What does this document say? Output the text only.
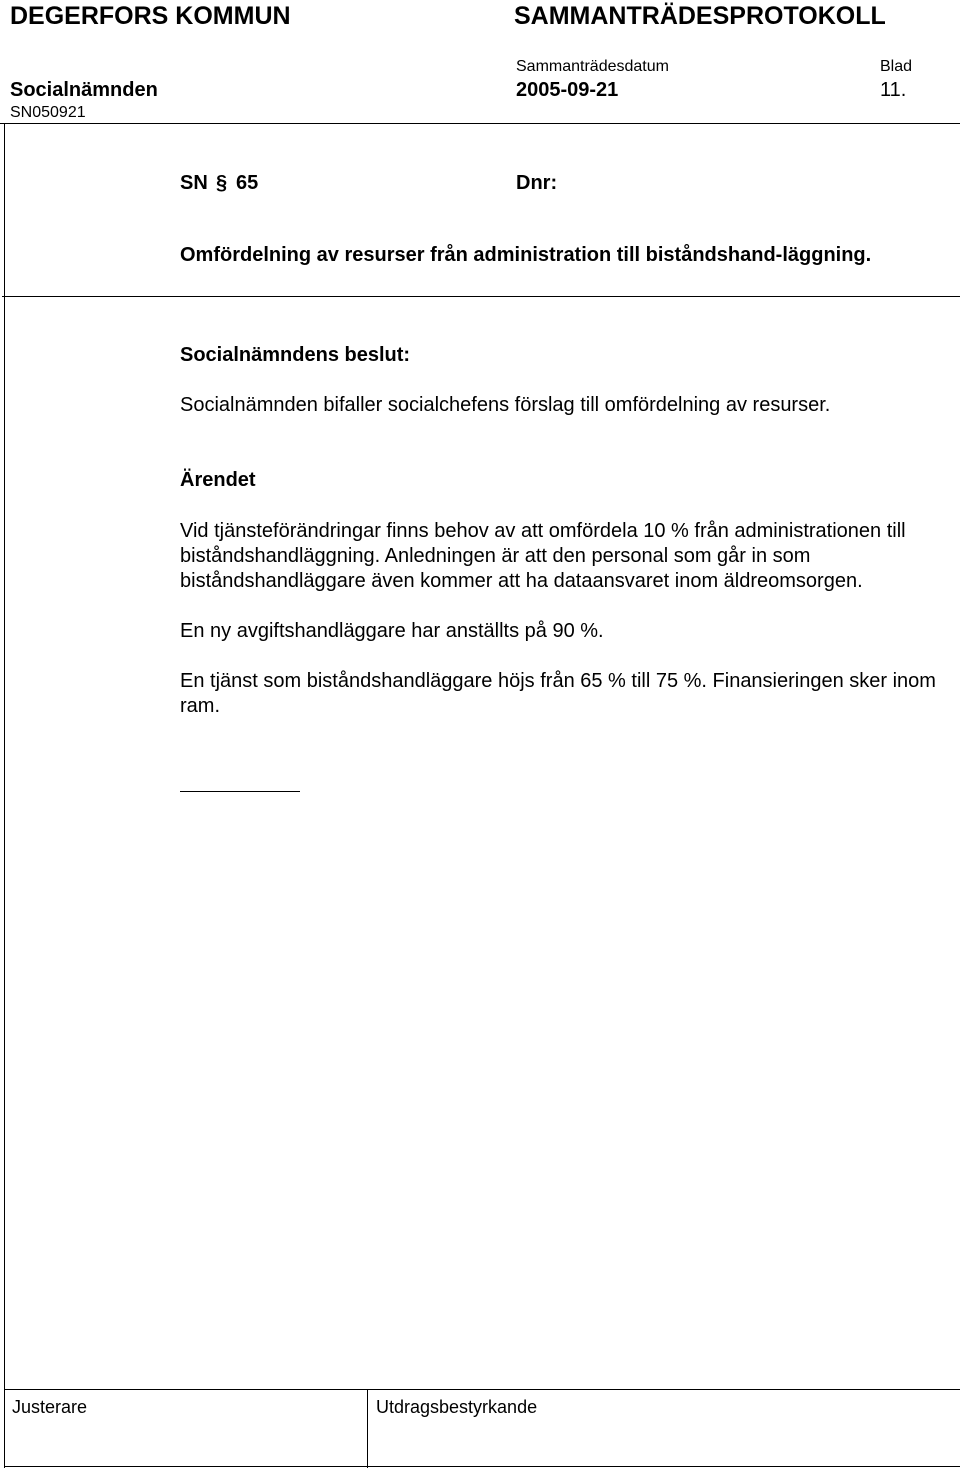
DEGERFORS KOMMUN	SAMMANTRÄDESPROTOKOLL
Sammanträdesdatum	Blad
Socialnämnden	2005-09-21	11.
SN050921
SN § 65	Dnr:
Omfördelning av resurser från administration till biståndshand-läggning.
Socialnämndens beslut:
Socialnämnden bifaller socialchefens förslag till omfördelning av resurser.
Ärendet
Vid tjänsteförändringar finns behov av att omfördela 10 % från administrationen till biståndshandläggning. Anledningen är att den personal som går in som biståndshandläggare även kommer att ha dataansvaret inom äldreomsorgen.
En ny avgiftshandläggare har anställts på 90 %.
En tjänst som biståndshandläggare höjs från 65 % till 75 %. Finansieringen sker inom ram.
Justerare	Utdragsbestyrkande
